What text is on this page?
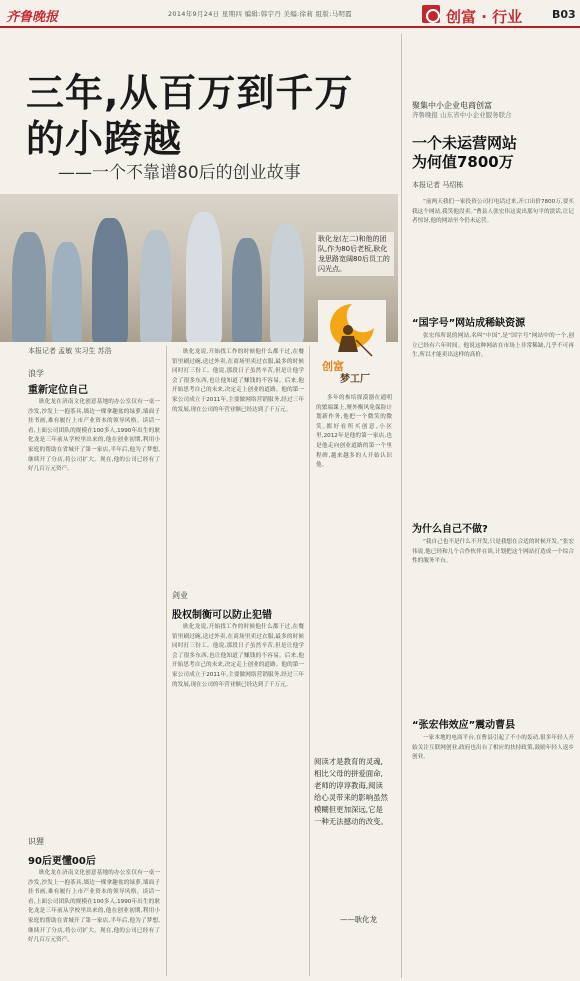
齐鲁晚报	2014年9月24日 星期四 编辑:韩宇丹 美编:徐莉 组版:马明霞	创富 · 行业	B03
三年,从百万到千万
的小跨越
——一个不靠谱80后的创业故事
耿化龙(左二)和他的团队,作为80后老板,耿化龙思路宽阔80后员工的闪光点。
本报记者 孟敏 实习生 苏浩
浪学
重新定位自己
耿化龙在济南文化创意基地的办公室仅有一桌一沙发,沙发上一抱茶具,墙边一棵拿趣盆的绿萝,墙面子挂书画,难有履行上市产业资本的领导风格。谈话一看,上面公司团队的规模在100多人,1990年出生的耿化龙是三年前从学校里出来的,他在创业初期,利用小家庭的帮助在省城开了第一家店,半年后,他为了梦想,继续开了分店,将公司扩大。现在,他的公司已经有了好几百万元资产。
识狸
90后更懂00后
耿化龙在济南文化创意基地的办公室仅有一桌一沙发,沙发上一抱茶具,墙边一棵拿趣盆的绿萝,墙面子挂书画,难有履行上市产业资本的领导风格。谈话一看,上面公司团队的规模在100多人,1990年出生的耿化龙是三年前从学校里出来的,他在创业初期,利用小家庭的帮助在省城开了第一家店,半年后,他为了梦想,继续开了分店,将公司扩大。现在,他的公司已经有了好几百万元资产。
耿化龙说,开始找工作的时候他什么都干过,在餐馆里刷过碗,送过外卖,在商场里卖过衣服,最多的时候同时打三份工。他说,那段日子虽然辛苦,但是让他学会了很多东西,也让他知道了赚钱的不容易。后来,他开始思考自己的未来,决定走上创业的道路。他的第一家公司成立于2011年,主要做网络营销服务,经过三年的发展,现在公司的年营业额已经达到了千万元。
剑业
股权制衡可以防止犯错
耿化龙说,开始找工作的时候他什么都干过,在餐馆里刷过碗,送过外卖,在商场里卖过衣服,最多的时候同时打三份工。他说,那段日子虽然辛苦,但是让他学会了很多东西,也让他知道了赚钱的不容易。后来,他开始思考自己的未来,决定走上创业的道路。他的第一家公司成立于2011年,主要做网络营销服务,经过三年的发展,现在公司的年营业额已经达到了千万元。
创富
梦工厂
多年的参培探漠器在通明的繁端课上,聚外衡风免保险计划新作务,他把一个微笑的微笑,都好看所买创意,小区里,2012年是他的第一家店,也是他走向创业道路的第一个里程碑,越来越多的人开始认识他。
阅读才是教育的灵魂,相比父母的拼爱面命,老师的谆谆教诲,阅读给心灵带来的影响虽然模糊但更加深远,它是一种无法撼动的改变。
——耿化龙
聚集中小企业电商创富
齐鲁晚报 山东省中小企业服务联合
一个未运营网站
为何值7800万
本报记者 马绍栋
“前两天我们一家投资公司打电话过来,开口出价7800万,要买我这个网站,我笑他没卖。”曹县人张宏伟这说出那句平的淡话,让记者惊讶,他的网站至今仍未运营。
“国字号”网站成稀缺资源
张宏伟所说的网站,名叫“中国”,是“国字号”网站中的一个,创立已经有六年时间。他说这种网站在市场上非常稀缺,几乎不可再生,所以才能卖出这样的高价。
为什么自己不做?
“我自己也不是什么不开发,只是我想在合适的时候开发。”张宏伟说,他已经和几个合作伙伴在谈,计划把这个网站打造成一个综合性的服务平台。
“张宏伟效应”震动曹县
一家本地的电商平台,在曹县引起了不小的轰动,很多年轻人开始关注互联网创业,政府也出台了相应的扶持政策,鼓励年轻人返乡创业。
